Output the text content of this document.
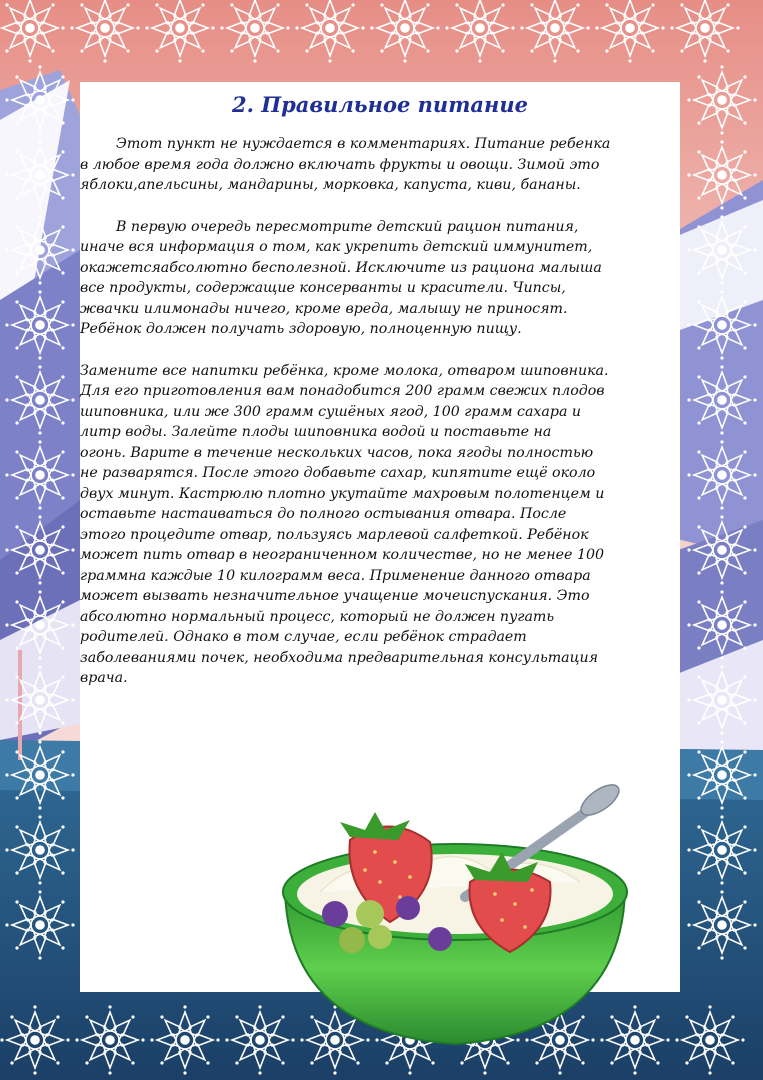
2. Правильное питание

Этот пункт не нуждается в комментариях. Питание ребенка
в любое время года должно включать фрукты и овощи. Зимой это
яблоки,апельсины, мандарины, морковка, капуста, киви, бананы.

В первую очередь пересмотрите детский рацион питания,
иначе вся информация о том, как укрепить детский иммунитет,
окажетсяабсолютно бесполезной. Исключите из рациона малыша
все продукты, содержащие консерванты и красители. Чипсы,
жвачки илимонады ничего, кроме вреда, малышу не приносят.
Ребёнок должен получать здоровую, полноценную пищу.

Замените все напитки ребёнка, кроме молока, отваром шиповника.
Для его приготовления вам понадобится 200 грамм свежих плодов
шиповника, или же 300 грамм сушёных ягод, 100 грамм сахара и
литр воды. Залейте плоды шиповника водой и поставьте на
огонь. Варите в течение нескольких часов, пока ягоды полностью
не разварятся. После этого добавьте сахар, кипятите ещё около
двух минут. Кастрюлю плотно укутайте махровым полотенцем и
оставьте настаиваться до полного остывания отвара. После
этого процедите отвар, пользуясь марлевой салфеткой. Ребёнок
может пить отвар в неограниченном количестве, но не менее 100
граммна каждые 10 килограмм веса. Применение данного отвара
может вызвать незначительное учащение мочеиспускания. Это
абсолютно нормальный процесс, который не должен пугать
родителей. Однако в том случае, если ребёнок страдает
заболеваниями почек, необходима предварительная консультация
врача.
